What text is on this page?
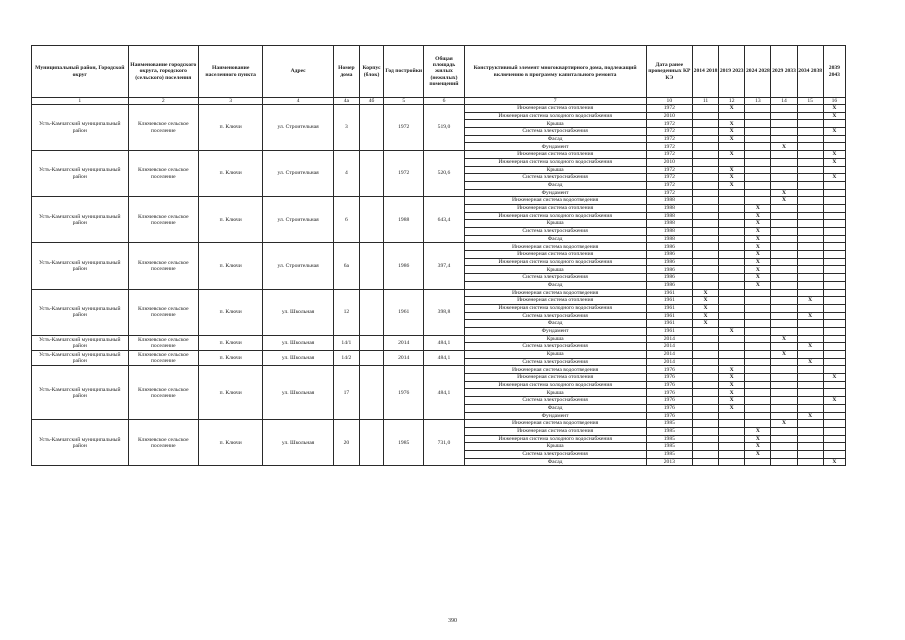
Муниципальный район, Городской округ	Наименование городского округа, городского (сельского) поселения	Наименование населенного пункта	Адрес	Номер дома	Корпус (блок)	Год постройки	Общая площадь жилых (нежилых) помещений	Конструктивный элемент многоквартирного дома, подлежащий включению в программу капитального ремонта	Дата ранее проведенных КР КЭ	2014 2018	2019 2023	2024 2028	2029 2033	2034 2038	2039 2043
1	2	3	4	4а	4б	5	6	7	10	11	12	13	14	15	16
Усть-Камчатский муниципальный район	Ключевское сельское поселение	п. Ключи	ул. Строительная	3		1972	519,0	Инженерная система отопления	1972		X				X
								Инженерная система холодного водоснабжения	2010						X
								Крыша	1972		X				
								Система электроснабжения	1972		X				X
								Фасад	1972		X				
								Фундамент	1972				X		
Усть-Камчатский муниципальный район	Ключевское сельское поселение	п. Ключи	ул. Строительная	4		1972	520,6	Инженерная система отопления	1972		X				X
								Инженерная система холодного водоснабжения	2010						X
								Крыша	1972		X				
								Система электроснабжения	1972		X				X
								Фасад	1972		X				
								Фундамент	1972				X		
Усть-Камчатский муниципальный район	Ключевское сельское поселение	п. Ключи	ул. Строительная	6		1988	643,4	Инженерная система водоотведения	1988				X		
								Инженерная система отопления	1988			X			
								Инженерная система холодного водоснабжения	1988			X			
								Крыша	1988			X			
								Система электроснабжения	1988			X			
								Фасад	1988			X			
Усть-Камчатский муниципальный район	Ключевское сельское поселение	п. Ключи	ул. Строительная	6а		1986	397,4	Инженерная система водоотведения	1986			X			
								Инженерная система отопления	1986			X			
								Инженерная система холодного водоснабжения	1986			X			
								Крыша	1986			X			
								Система электроснабжения	1986			X			
								Фасад	1986			X			
Усть-Камчатский муниципальный район	Ключевское сельское поселение	п. Ключи	ул. Школьная	12		1961	398,8	Инженерная система водоотведения	1961	X					
								Инженерная система отопления	1961	X				X	
								Инженерная система холодного водоснабжения	1961	X					
								Система электроснабжения	1961	X				X	
								Фасад	1961	X					
								Фундамент	1961		X				
Усть-Камчатский муниципальный район	Ключевское сельское поселение	п. Ключи	ул. Школьная	14/1		2014	484,1	Крыша	2014				X		
								Система электроснабжения	2014					X	
Усть-Камчатский муниципальный район	Ключевское сельское поселение	п. Ключи	ул. Школьная	14/2		2014	484,1	Крыша	2014				X		
								Система электроснабжения	2014					X	
Усть-Камчатский муниципальный район	Ключевское сельское поселение	п. Ключи	ул. Школьная	17		1976	484,1	Инженерная система водоотведения	1976		X				
								Инженерная система отопления	1976		X				X
								Инженерная система холодного водоснабжения	1976		X				
								Крыша	1976		X				
								Система электроснабжения	1976		X				X
								Фасад	1976		X				
								Фундамент	1976					X	
Усть-Камчатский муниципальный район	Ключевское сельское поселение	п. Ключи	ул. Школьная	20		1985	731,0	Инженерная система водоотведения	1985				X		
								Инженерная система отопления	1985			X			
								Инженерная система холодного водоснабжения	1985			X			
								Крыша	1985			X			
								Система электроснабжения	1985			X			
								Фасад	2013						X
390
